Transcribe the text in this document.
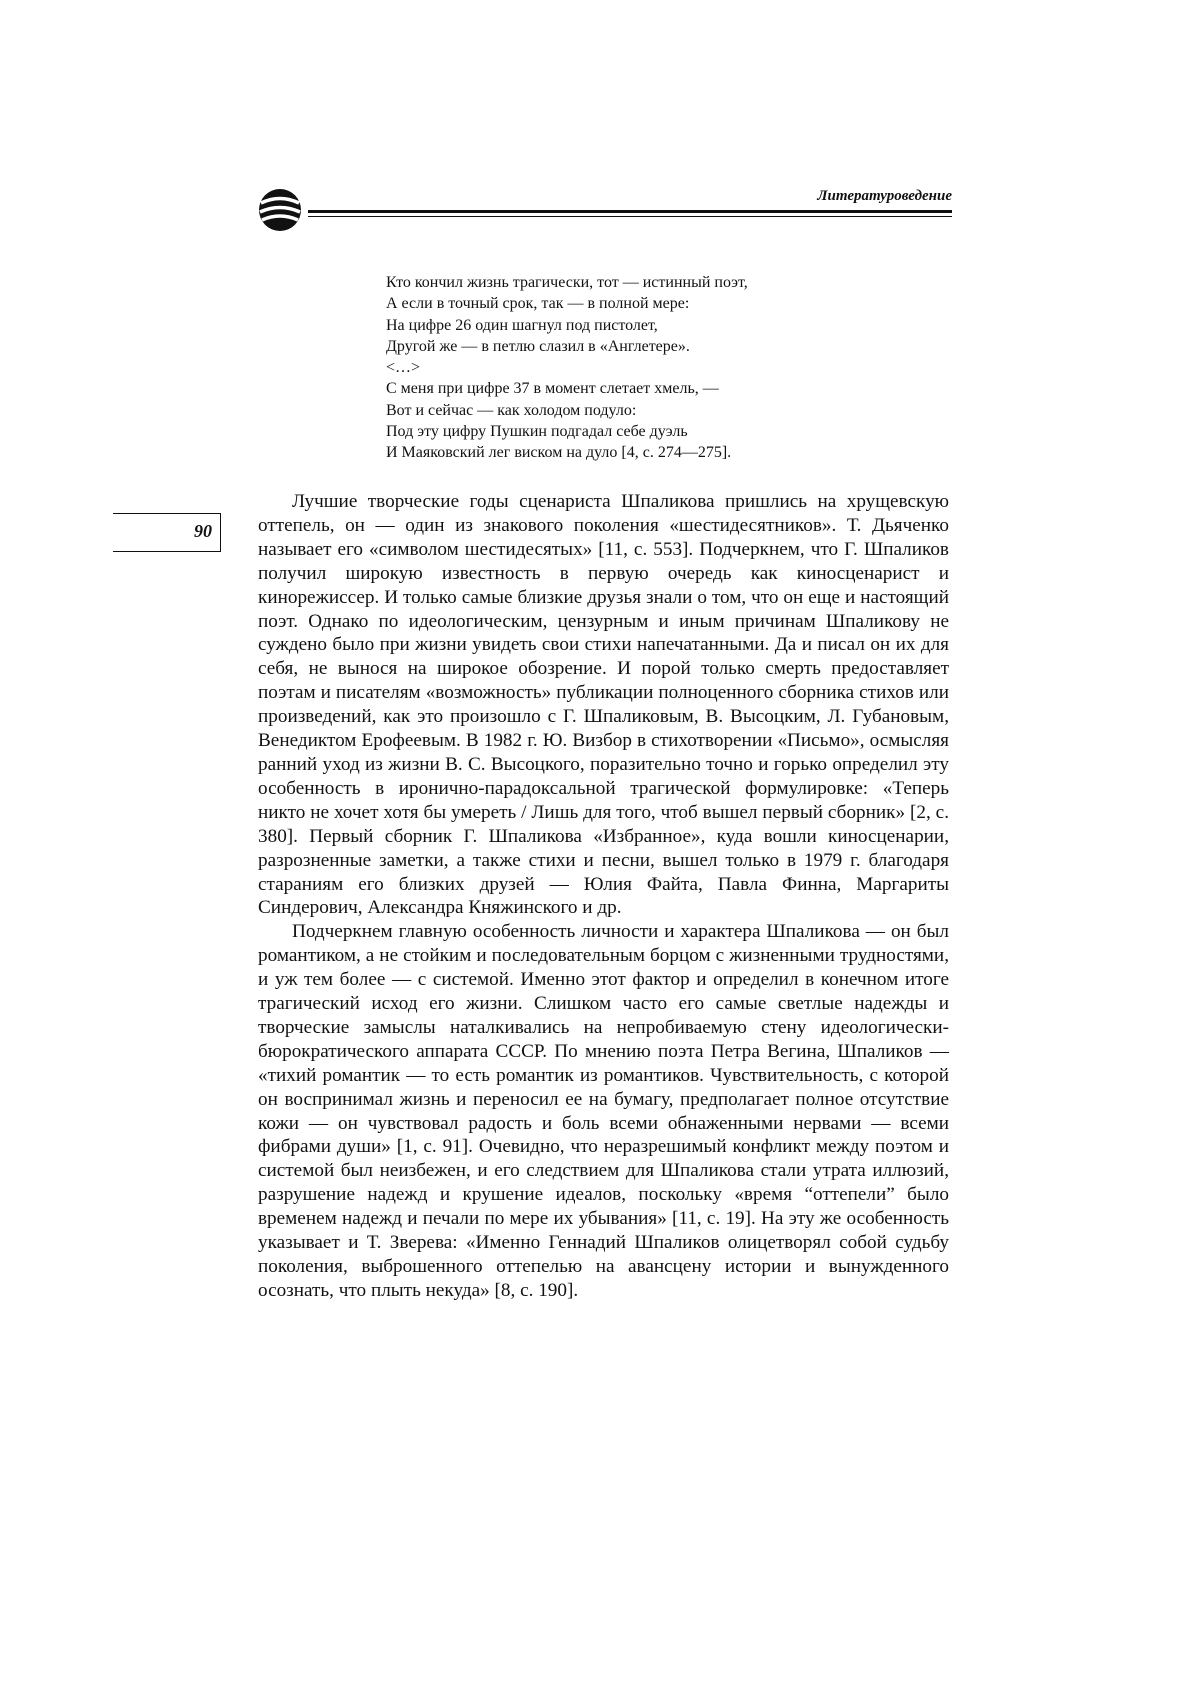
Литературоведение
90
Кто кончил жизнь трагически, тот — истинный поэт,
А если в точный срок, так — в полной мере:
На цифре 26 один шагнул под пистолет,
Другой же — в петлю слазил в «Англетере».
<…>
С меня при цифре 37 в момент слетает хмель, —
Вот и сейчас — как холодом подуло:
Под эту цифру Пушкин подгадал себе дуэль
И Маяковский лег виском на дуло [4, с. 274—275].

Лучшие творческие годы сценариста Шпаликова пришлись на хрущевскую оттепель, он — один из знакового поколения «шестидесятников». Т. Дьяченко называет его «символом шестидесятых» [11, с. 553]. Подчеркнем, что Г. Шпаликов получил широкую известность в первую очередь как киносценарист и кинорежиссер. И только самые близкие друзья знали о том, что он еще и настоящий поэт. Однако по идеологическим, цензурным и иным причинам Шпаликову не суждено было при жизни увидеть свои стихи напечатанными. Да и писал он их для себя, не вынося на широкое обозрение. И порой только смерть предоставляет поэтам и писателям «возможность» публикации полноценного сборника стихов или произведений, как это произошло с Г. Шпаликовым, В. Высоцким, Л. Губановым, Венедиктом Ерофеевым. В 1982 г. Ю. Визбор в стихотворении «Письмо», осмысляя ранний уход из жизни В. С. Высоцкого, поразительно точно и горько определил эту особенность в иронично-парадоксальной трагической формулировке: «Теперь никто не хочет хотя бы умереть / Лишь для того, чтоб вышел первый сборник» [2, с. 380]. Первый сборник Г. Шпаликова «Избранное», куда вошли киносценарии, разрозненные заметки, а также стихи и песни, вышел только в 1979 г. благодаря стараниям его близких друзей — Юлия Файта, Павла Финна, Маргариты Синдерович, Александра Княжинского и др.

Подчеркнем главную особенность личности и характера Шпаликова — он был романтиком, а не стойким и последовательным борцом с жизненными трудностями, и уж тем более — с системой. Именно этот фактор и определил в конечном итоге трагический исход его жизни. Слишком часто его самые светлые надежды и творческие замыслы наталкивались на непробиваемую стену идеологически-бюрократического аппарата СССР. По мнению поэта Петра Вегина, Шпаликов — «тихий романтик — то есть романтик из романтиков. Чувствительность, с которой он воспринимал жизнь и переносил ее на бумагу, предполагает полное отсутствие кожи — он чувствовал радость и боль всеми обнаженными нервами — всеми фибрами души» [1, с. 91]. Очевидно, что неразрешимый конфликт между поэтом и системой был неизбежен, и его следствием для Шпаликова стали утрата иллюзий, разрушение надежд и крушение идеалов, поскольку «время “оттепели” было временем надежд и печали по мере их убывания» [11, с. 19]. На эту же особенность указывает и Т. Зверева: «Именно Геннадий Шпаликов олицетворял собой судьбу поколения, выброшенного оттепелью на авансцену истории и вынужденного осознать, что плыть некуда» [8, с. 190].
